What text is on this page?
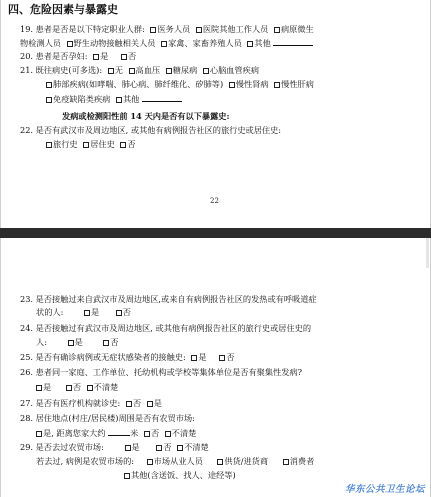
四、危险因素与暴露史
19. 患者是否是以下特定职业人群: 医务人员 医院其他工作人员 病原微生
物检测人员 野生动物接触相关人员 家禽、家畜养殖人员 其他
20. 患者是否孕妇: 是 否
21. 既往病史(可多选): 无 高血压 糖尿病 心脑血管疾病
肺部疾病(如哮喘、肺心病、肺纤维化、矽肺等) 慢性肾病 慢性肝病
免疫缺陷类疾病 其他
发病或检测阳性前 14 天内是否有以下暴露史:
22. 是否有武汉市及周边地区, 或其他有病例报告社区的旅行史或居住史:
旅行史 居住史 否
22
23. 是否接触过来自武汉市及周边地区,或来自有病例报告社区的发热或有呼吸道症
状的人:	是	否
24. 是否接触过有武汉市及周边地区, 或其他有病例报告社区的旅行史或居住史的
人:	是	否
25. 是否有确诊病例或无症状感染者的接触史: 是 否
26. 患者同一家庭、工作单位、托幼机构或学校等集体单位是否有聚集性发病?
是	否 不清楚
27. 是否有医疗机构就诊史: 否 是
28. 居住地点(村庄/居民楼)周围是否有农贸市场:
是, 距离您家大约	米 否 不清楚
29. 是否去过农贸市场:	是	否 不清楚
若去过, 病例是农贸市场的: 市场从业人员	供货/进货商	消费者
其他(含送饭、找人、途经等)
华东公共卫生论坛
